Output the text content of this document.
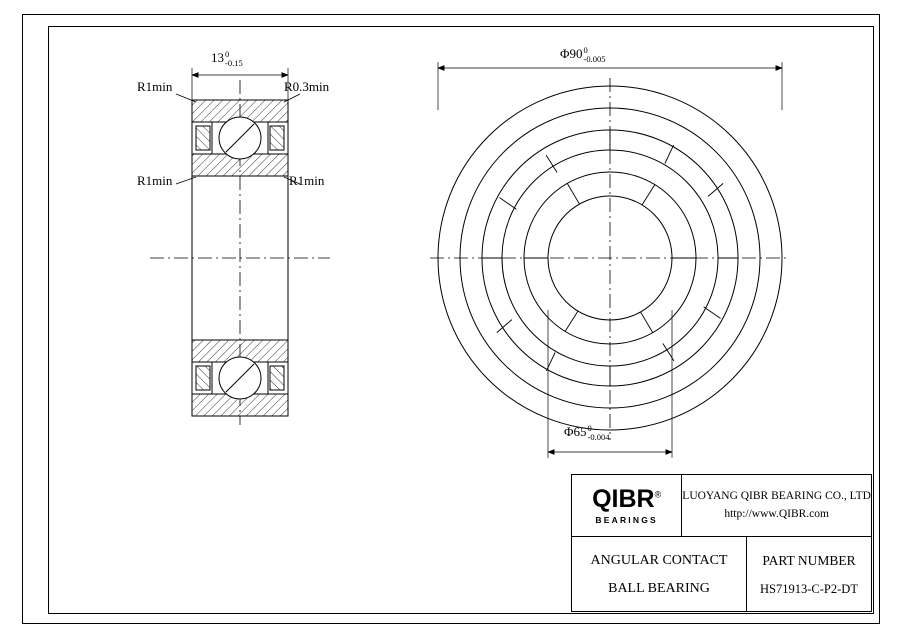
13 0
-0.15
R1min	R0.3min
R1min	R1min
Φ90 0
-0.005
Φ65 0
-0.004
QIBR®
BEARINGS
LUOYANG QIBR BEARING CO., LTD
http://www.QIBR.com
ANGULAR CONTACT
BALL BEARING
PART NUMBER
HS71913-C-P2-DT
